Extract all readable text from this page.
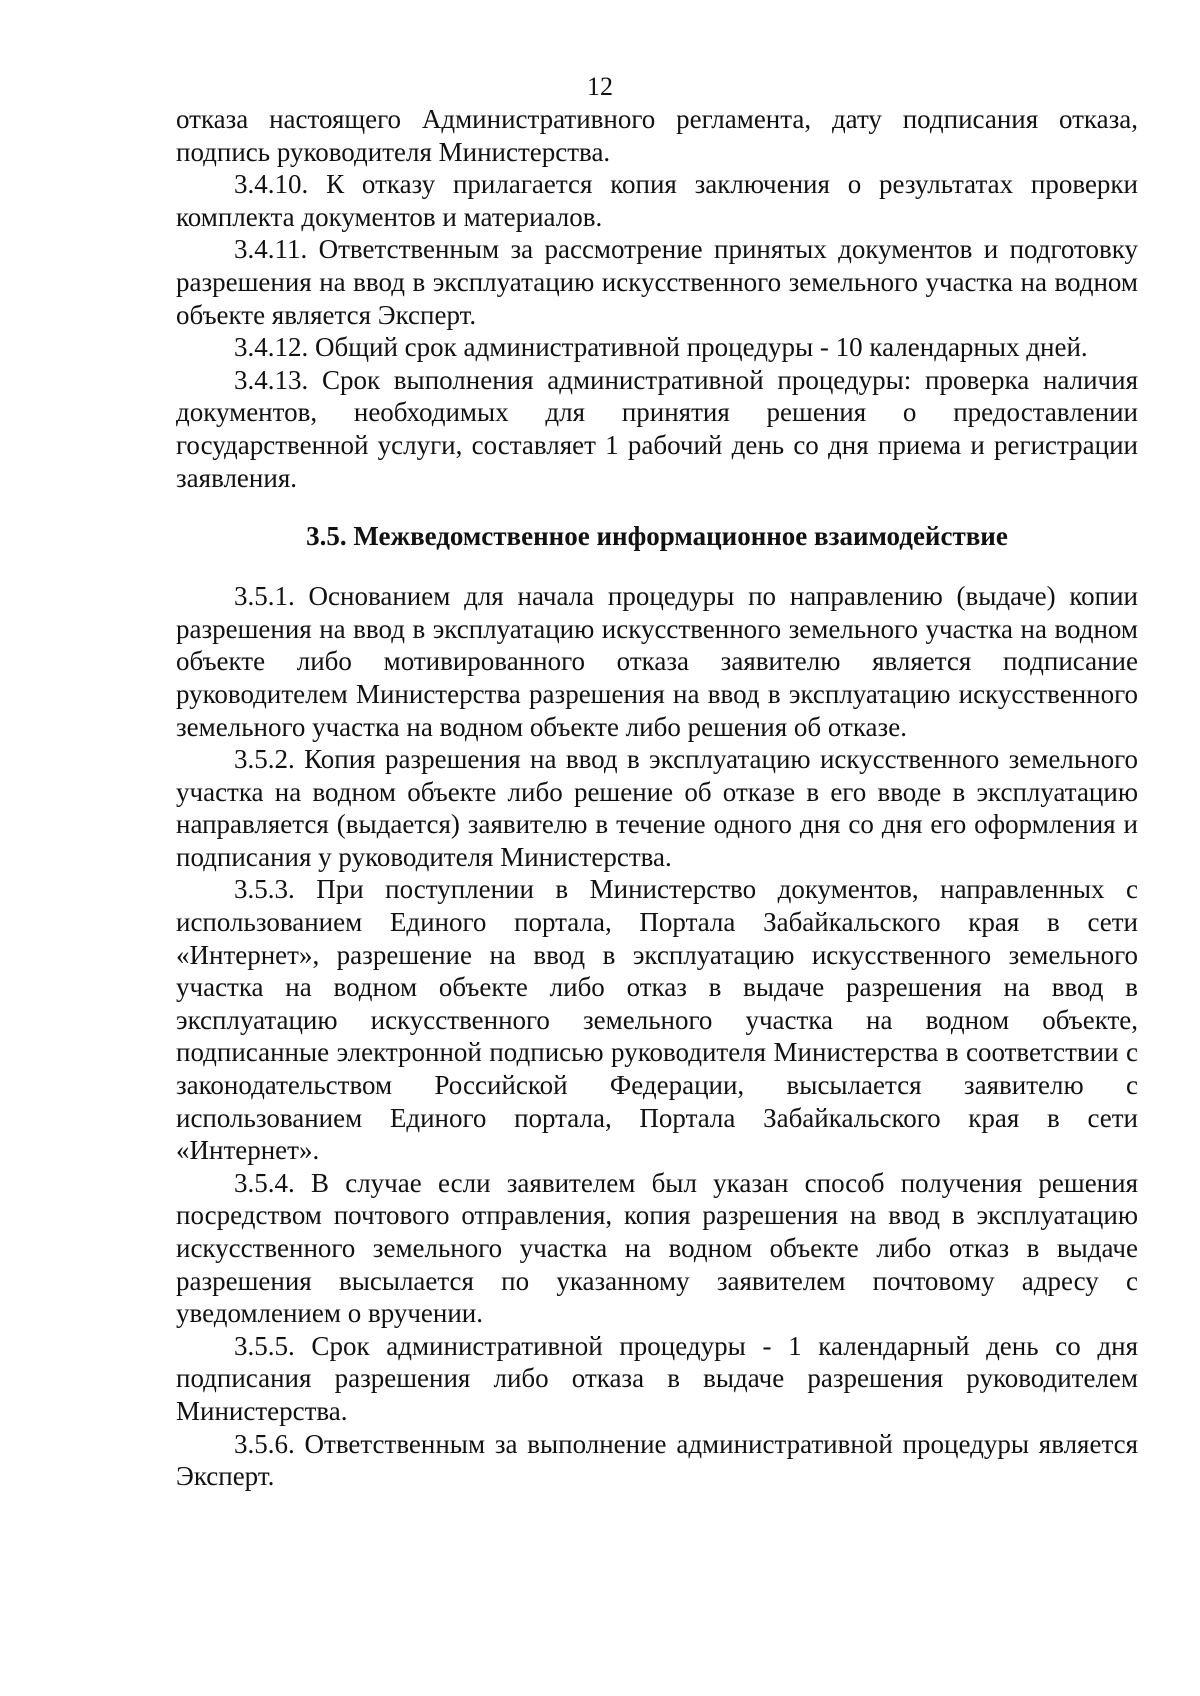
12

отказа настоящего Административного регламента, дату подписания отказа, подпись руководителя Министерства.

3.4.10. К отказу прилагается копия заключения о результатах проверки комплекта документов и материалов.

3.4.11. Ответственным за рассмотрение принятых документов и подготовку разрешения на ввод в эксплуатацию искусственного земельного участка на водном объекте является Эксперт.

3.4.12. Общий срок административной процедуры - 10 календарных дней.

3.4.13. Срок выполнения административной процедуры: проверка наличия документов, необходимых для принятия решения о предоставлении государственной услуги, составляет 1 рабочий день со дня приема и регистрации заявления.

3.5. Межведомственное информационное взаимодействие

3.5.1. Основанием для начала процедуры по направлению (выдаче) копии разрешения на ввод в эксплуатацию искусственного земельного участка на водном объекте либо мотивированного отказа заявителю является подписание руководителем Министерства разрешения на ввод в эксплуатацию искусственного земельного участка на водном объекте либо решения об отказе.

3.5.2. Копия разрешения на ввод в эксплуатацию искусственного земельного участка на водном объекте либо решение об отказе в его вводе в эксплуатацию направляется (выдается) заявителю в течение одного дня со дня его оформления и подписания у руководителя Министерства.

3.5.3. При поступлении в Министерство документов, направленных с использованием Единого портала, Портала Забайкальского края в сети «Интернет», разрешение на ввод в эксплуатацию искусственного земельного участка на водном объекте либо отказ в выдаче разрешения на ввод в эксплуатацию искусственного земельного участка на водном объекте, подписанные электронной подписью руководителя Министерства в соответствии с законодательством Российской Федерации, высылается заявителю с использованием Единого портала, Портала Забайкальского края в сети «Интернет».

3.5.4. В случае если заявителем был указан способ получения решения посредством почтового отправления, копия разрешения на ввод в эксплуатацию искусственного земельного участка на водном объекте либо отказ в выдаче разрешения высылается по указанному заявителем почтовому адресу с уведомлением о вручении.

3.5.5. Срок административной процедуры - 1 календарный день со дня подписания разрешения либо отказа в выдаче разрешения руководителем Министерства.

3.5.6. Ответственным за выполнение административной процедуры является Эксперт.
